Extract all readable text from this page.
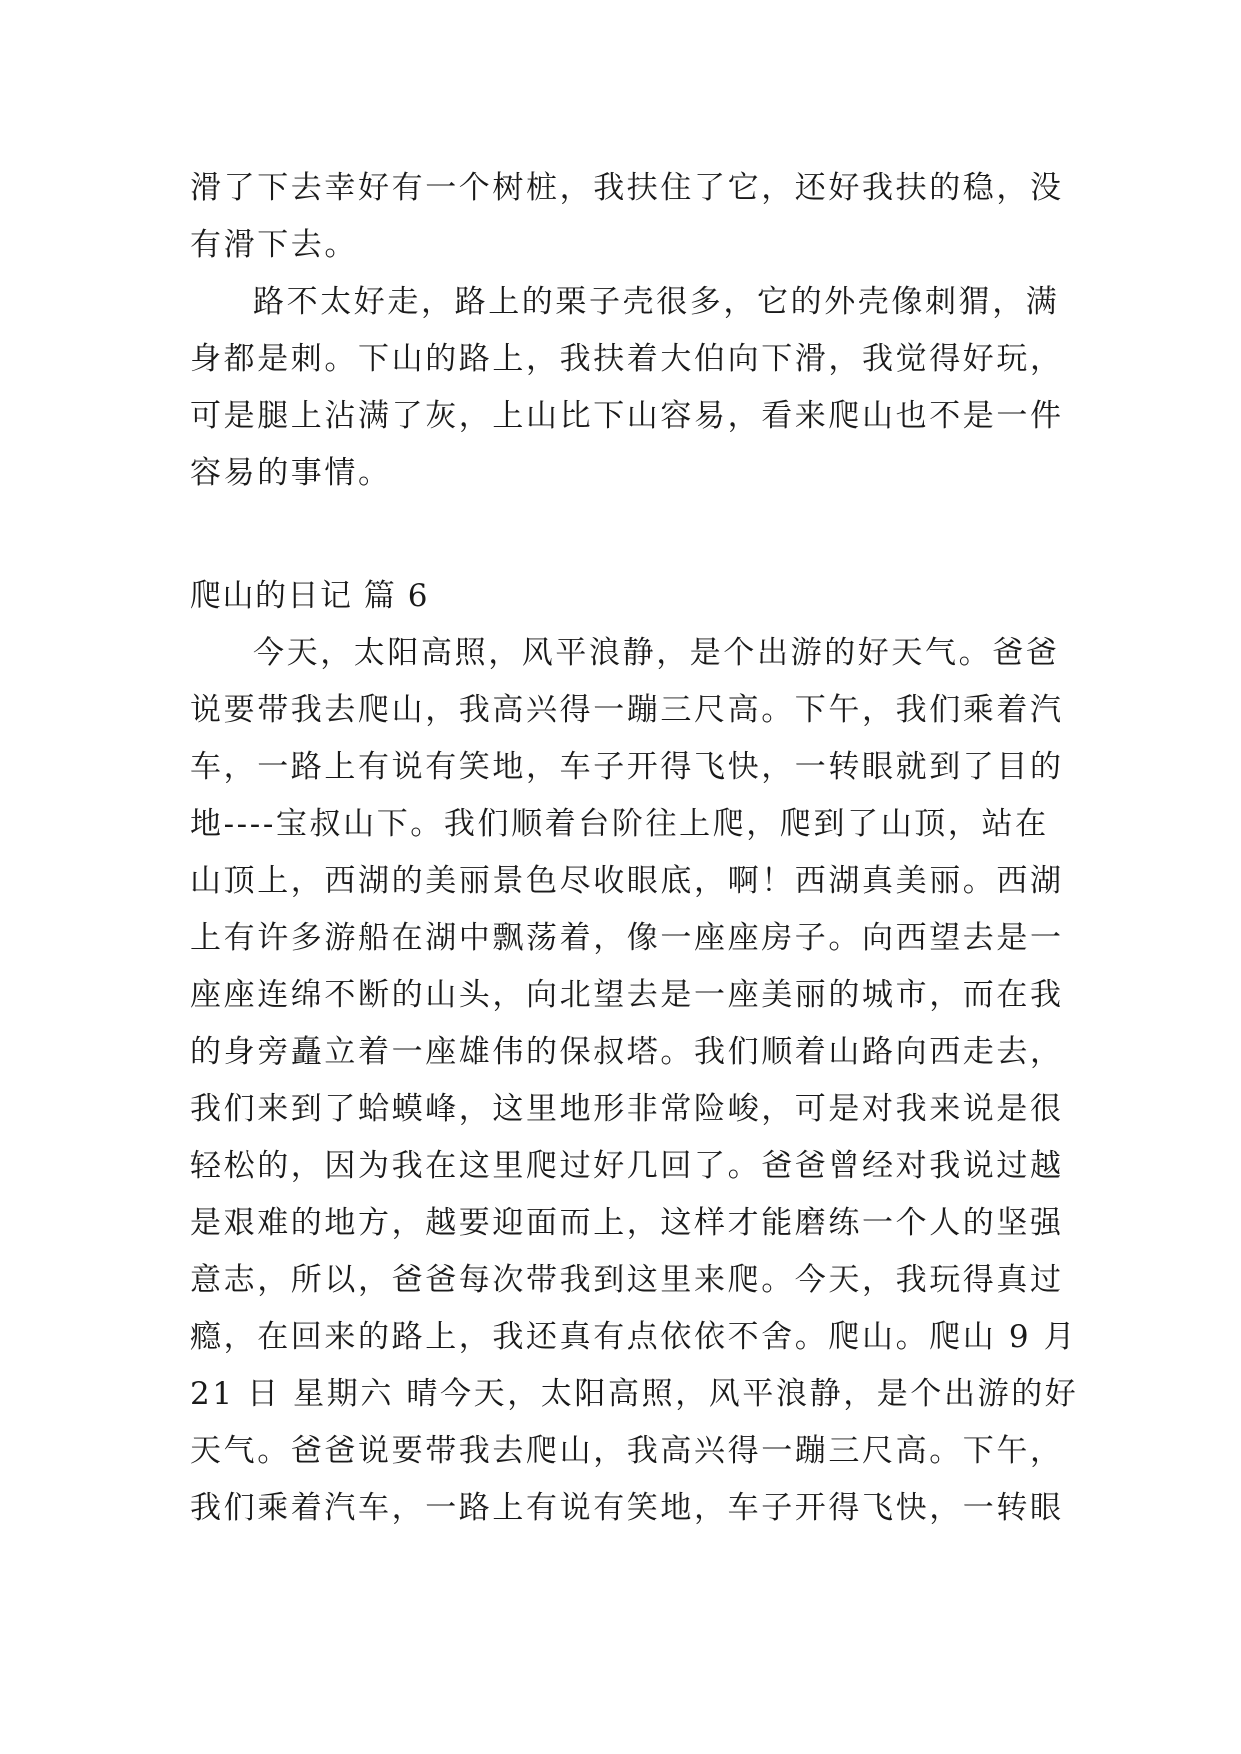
滑了下去幸好有一个树桩，我扶住了它，还好我扶的稳，没
有滑下去。
路不太好走，路上的栗子壳很多，它的外壳像刺猬，满
身都是刺。下山的路上，我扶着大伯向下滑，我觉得好玩，
可是腿上沾满了灰，上山比下山容易，看来爬山也不是一件
容易的事情。
爬山的日记 篇 6
今天，太阳高照，风平浪静，是个出游的好天气。爸爸
说要带我去爬山，我高兴得一蹦三尺高。下午，我们乘着汽
车，一路上有说有笑地，车子开得飞快，一转眼就到了目的
地----宝叔山下。我们顺着台阶往上爬，爬到了山顶，站在
山顶上，西湖的美丽景色尽收眼底，啊！西湖真美丽。西湖
上有许多游船在湖中飘荡着，像一座座房子。向西望去是一
座座连绵不断的山头，向北望去是一座美丽的城市，而在我
的身旁矗立着一座雄伟的保叔塔。我们顺着山路向西走去，
我们来到了蛤蟆峰，这里地形非常险峻，可是对我来说是很
轻松的，因为我在这里爬过好几回了。爸爸曾经对我说过越
是艰难的地方，越要迎面而上，这样才能磨练一个人的坚强
意志，所以，爸爸每次带我到这里来爬。今天，我玩得真过
瘾，在回来的路上，我还真有点依依不舍。爬山。爬山 9 月
21 日 星期六 晴今天，太阳高照，风平浪静，是个出游的好
天气。爸爸说要带我去爬山，我高兴得一蹦三尺高。下午，
我们乘着汽车，一路上有说有笑地，车子开得飞快，一转眼
